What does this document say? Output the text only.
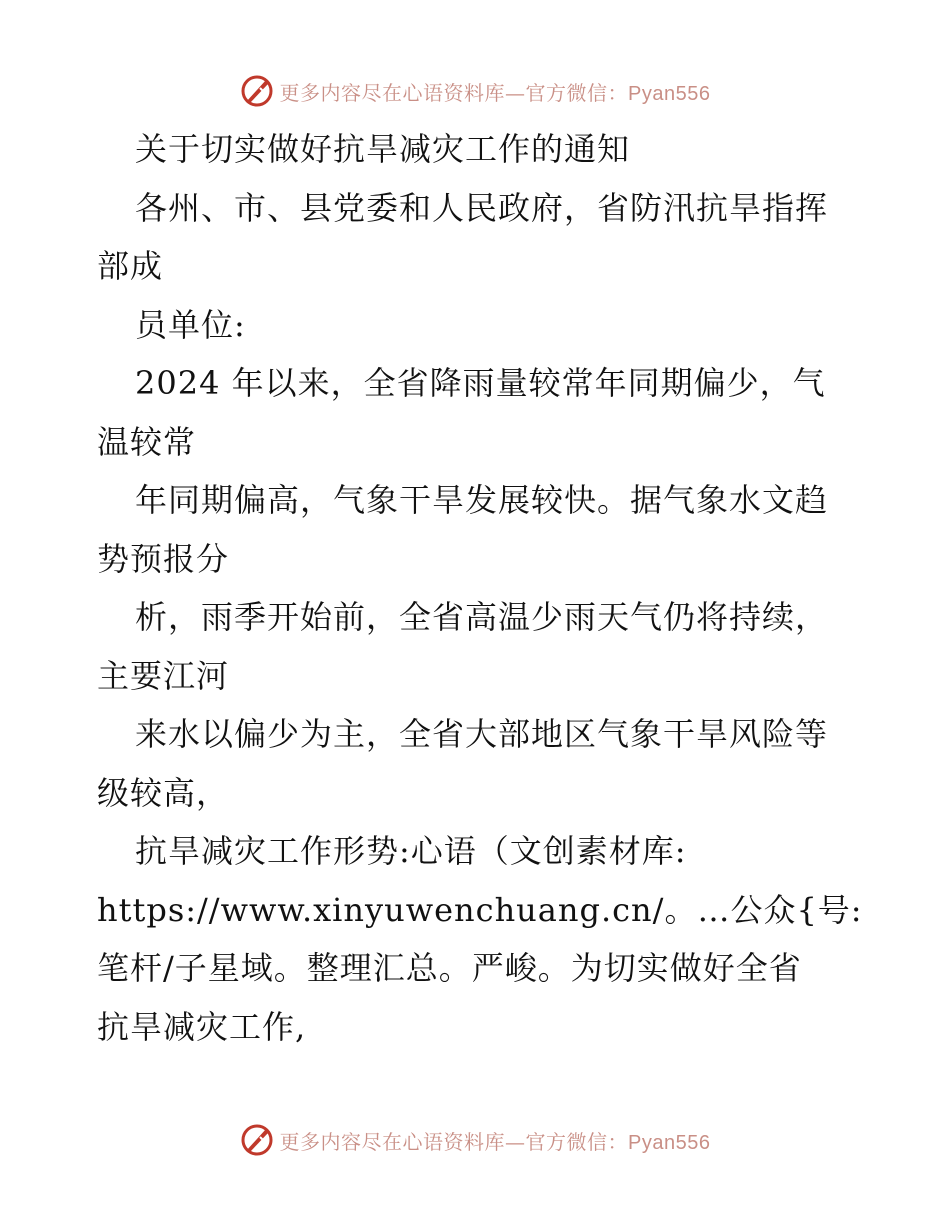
更多内容尽在心语资料库—官方微信：Pyan556
关于切实做好抗旱减灾工作的通知
各州、市、县党委和人民政府，省防汛抗旱指挥
部成
员单位:
2024 年以来，全省降雨量较常年同期偏少，气
温较常
年同期偏高，气象干旱发展较快。据气象水文趋
势预报分
析，雨季开始前，全省高温少雨天气仍将持续，
主要江河
来水以偏少为主，全省大部地区气象干旱风险等
级较高，
抗旱减灾工作形势:心语（文创素材库:
https://www.xinyuwenchuang.cn/。…公众{号:
笔杆/子星域。整理汇总。严峻。为切实做好全省
抗旱减灾工作,
更多内容尽在心语资料库—官方微信：Pyan556
